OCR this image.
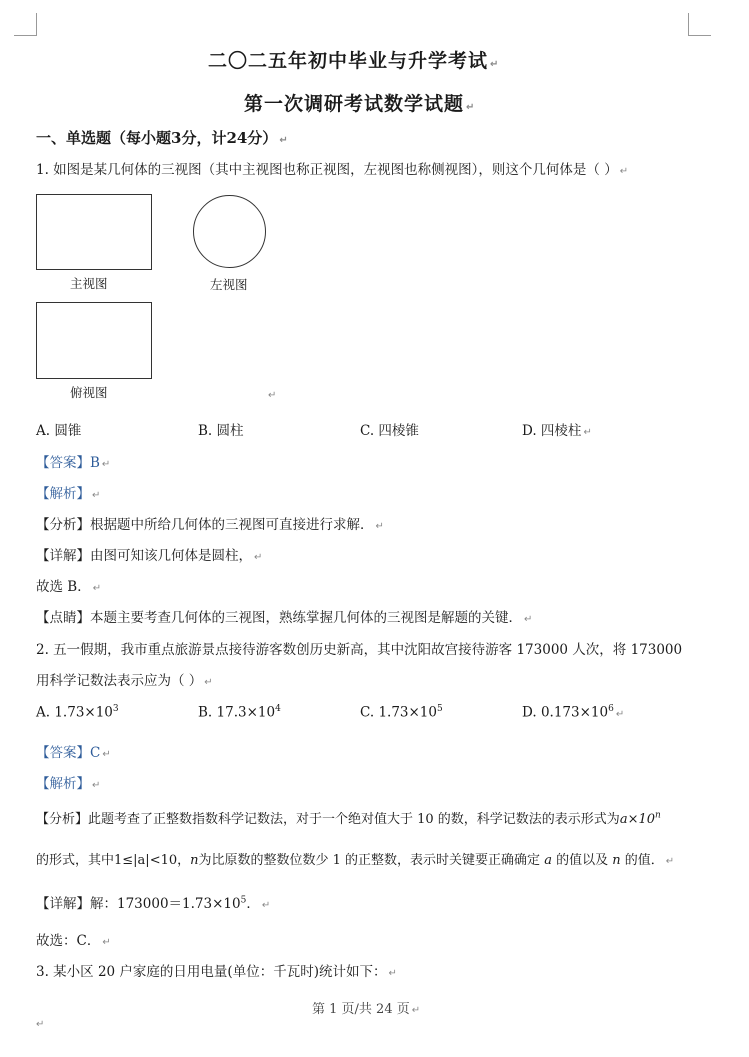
二〇二五年初中毕业与升学考试 ↵
第一次调研考试数学试题 ↵
一、单选题（每小题3分，计24分） ↵
1. 如图是某几何体的三视图（其中主视图也称正视图，左视图也称侧视图），则这个几何体是（ ） ↵
主视图	左视图
俯视图	↵
A. 圆锥	B. 圆柱	C. 四棱锥	D. 四棱柱 ↵
【答案】B ↵
【解析】 ↵
【分析】根据题中所给几何体的三视图可直接进行求解． ↵
【详解】由图可知该几何体是圆柱， ↵
故选 B． ↵
【点睛】本题主要考查几何体的三视图，熟练掌握几何体的三视图是解题的关键． ↵
2. 五一假期，我市重点旅游景点接待游客数创历史新高，其中沈阳故宫接待游客 173000 人次，将 173000
用科学记数法表示应为（ ） ↵
A. $1.73\times 10^3$	B. $17.3\times 10^4$	C. $1.73\times 10^5$	D. $0.173\times 10^6$ ↵
【答案】C ↵
【解析】 ↵
【分析】此题考查了正整数指数科学记数法，对于一个绝对值大于 10 的数，科学记数法的表示形式为$a\times 10^n$
的形式，其中1≤|a|<10，n为比原数的整数位数少 1 的正整数，表示时关键要正确确定 a 的值以及 n 的值． ↵
【详解】解：$173000=1.73\times 10^5$． ↵
故选：C． ↵
3. 某小区 20 户家庭的日用电量(单位：千瓦时)统计如下： ↵
第 1 页/共 24 页 ↵
↵
